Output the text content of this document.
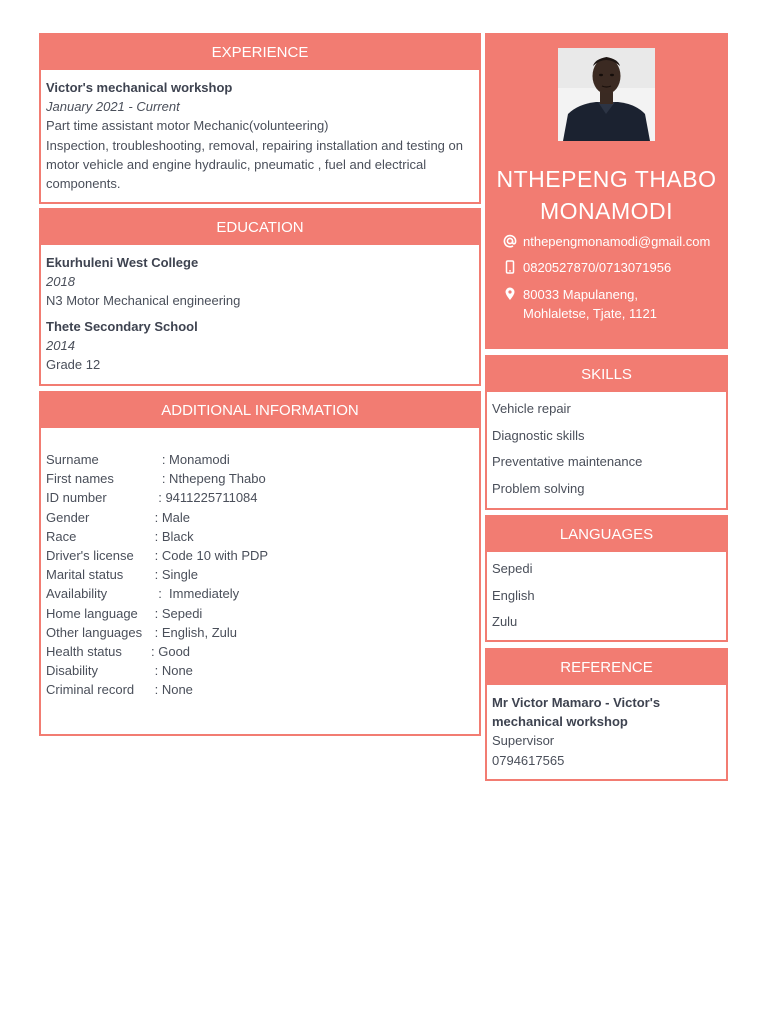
EXPERIENCE
Victor's mechanical workshop
January 2021 - Current
Part time assistant motor Mechanic(volunteering)
Inspection, troubleshooting, removal, repairing installation and testing on motor vehicle and engine hydraulic, pneumatic , fuel and electrical components.
EDUCATION
Ekurhuleni West College
2018
N3 Motor Mechanical engineering
Thete Secondary School
2014
Grade 12
ADDITIONAL INFORMATION
Surname	: Monamodi
First names	: Nthepeng Thabo
ID number	: 9411225711084
Gender	: Male
Race	: Black
Driver's license	: Code 10 with PDP
Marital status	: Single
Availability	:  Immediately
Home language	: Sepedi
Other languages : English, Zulu
Health status	: Good
Disability	: None
Criminal record	: None
NTHEPENG THABO
MONAMODI
nthepengmonamodi@gmail.com
0820527870/0713071956
80033 Mapulaneng,
Mohlaletse, Tjate, 1121
SKILLS
Vehicle repair
Diagnostic skills
Preventative maintenance
Problem solving
LANGUAGES
Sepedi
English
Zulu
REFERENCE
Mr Victor Mamaro - Victor's mechanical workshop
Supervisor
0794617565
